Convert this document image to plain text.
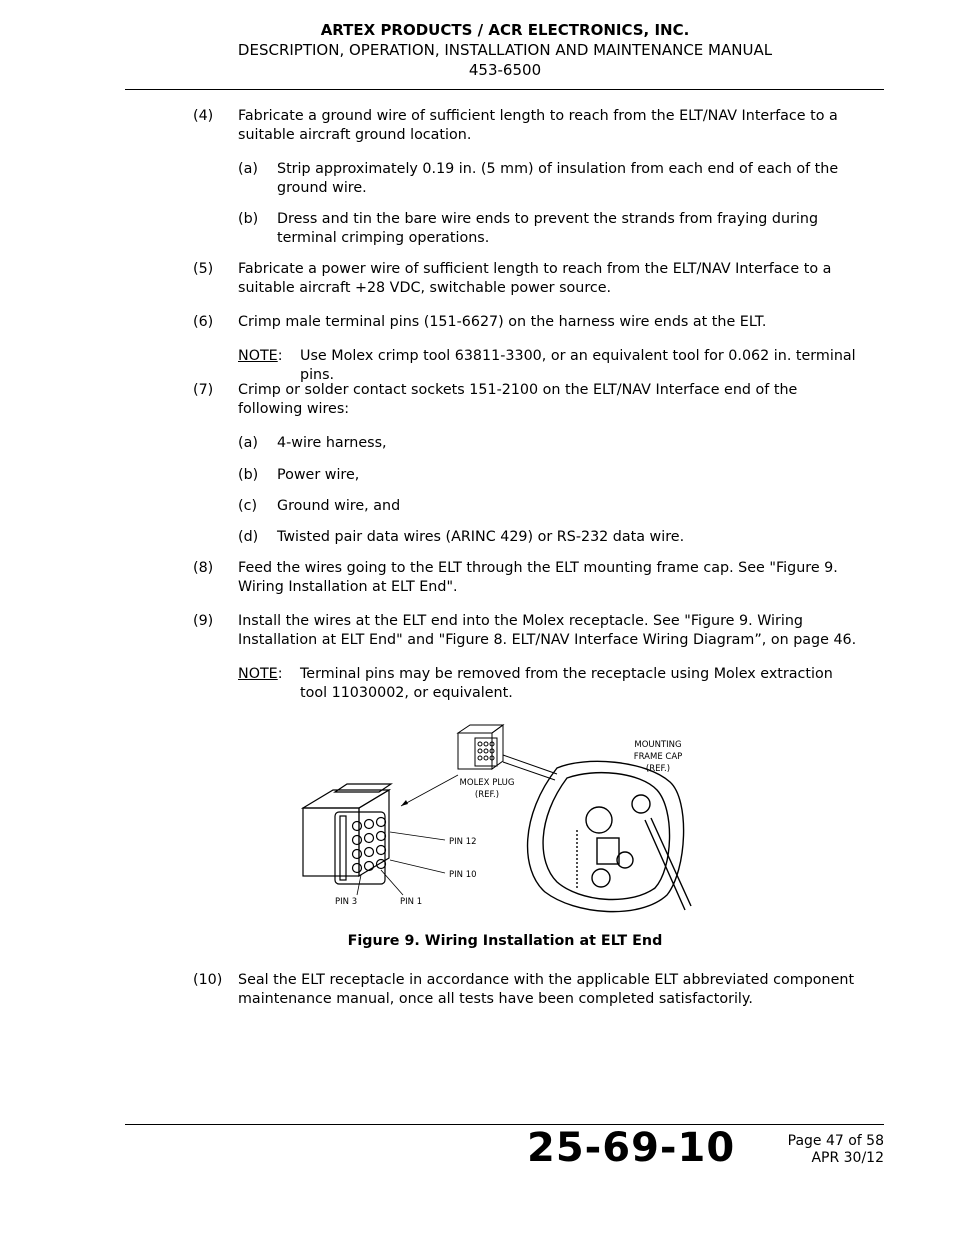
ARTEX PRODUCTS / ACR ELECTRONICS, INC.
DESCRIPTION, OPERATION, INSTALLATION AND MAINTENANCE MANUAL
453-6500
(4) Fabricate a ground wire of sufficient length to reach from the ELT/NAV Interface to a suitable aircraft ground location.
(a) Strip approximately 0.19 in. (5 mm) of insulation from each end of each of the ground wire.
(b) Dress and tin the bare wire ends to prevent the strands from fraying during terminal crimping operations.
(5) Fabricate a power wire of sufficient length to reach from the ELT/NAV Interface to a suitable aircraft +28 VDC, switchable power source.
(6) Crimp male terminal pins (151-6627) on the harness wire ends at the ELT.
NOTE: Use Molex crimp tool 63811-3300, or an equivalent tool for 0.062 in. terminal pins.
(7) Crimp or solder contact sockets 151-2100 on the ELT/NAV Interface end of the following wires:
(a) 4-wire harness,
(b) Power wire,
(c) Ground wire, and
(d) Twisted pair data wires (ARINC 429) or RS-232 data wire.
(8) Feed the wires going to the ELT through the ELT mounting frame cap. See "Figure 9. Wiring Installation at ELT End".
(9) Install the wires at the ELT end into the Molex receptacle. See "Figure 9. Wiring Installation at ELT End" and "Figure 8. ELT/NAV Interface Wiring Diagram”, on page 46.
NOTE: Terminal pins may be removed from the receptacle using Molex extraction tool 11030002, or equivalent.
MOUNTING
FRAME CAP
(REF.)
MOLEX PLUG
(REF.)
PIN 12
PIN 10
PIN 3	PIN 1
Figure 9. Wiring Installation at ELT End
(10) Seal the ELT receptacle in accordance with the applicable ELT abbreviated component maintenance manual, once all tests have been completed satisfactorily.
25-69-10	Page 47 of 58
APR 30/12
